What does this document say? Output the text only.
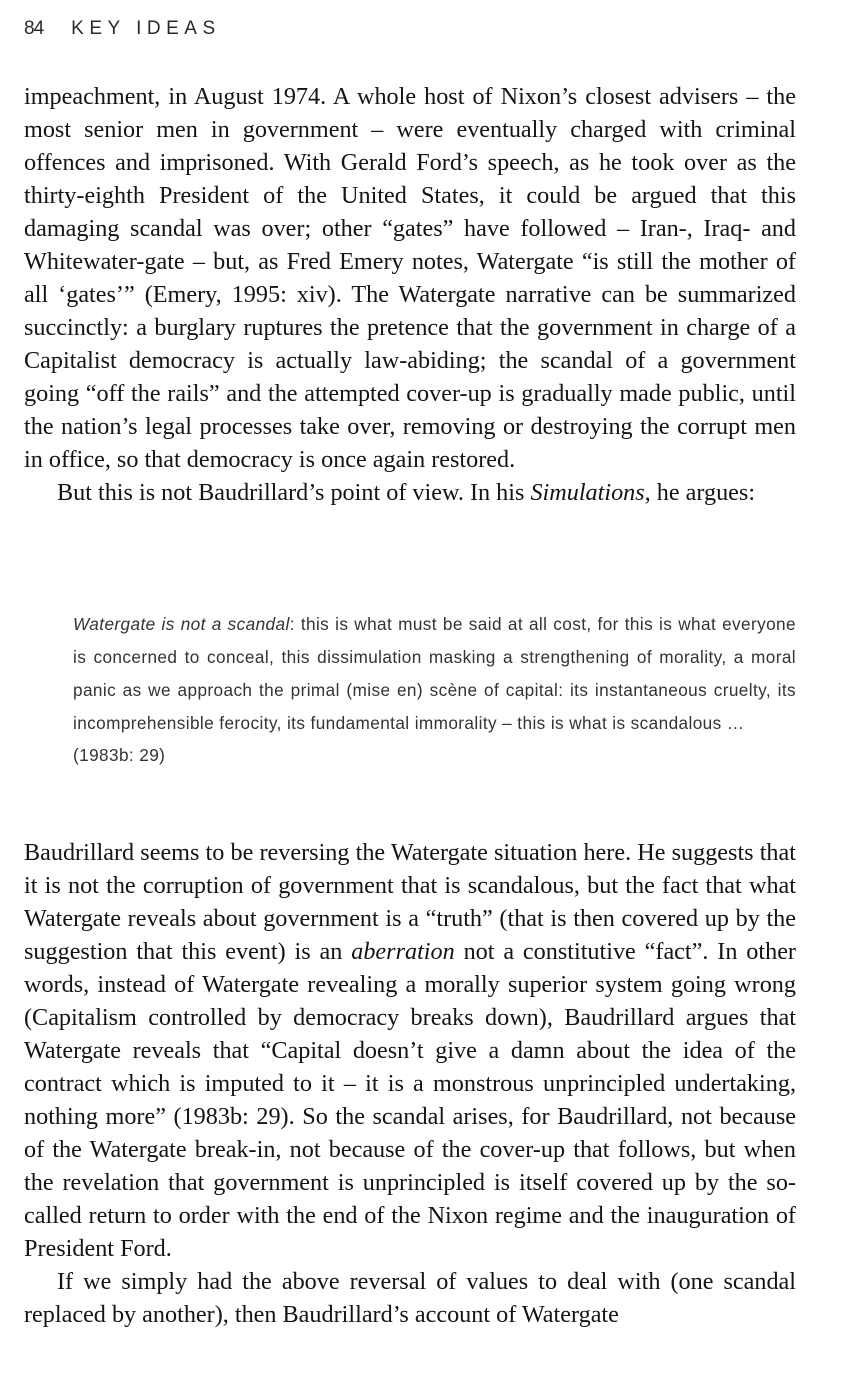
84 KEY IDEAS

impeachment, in August 1974. A whole host of Nixon’s closest advisers – the most senior men in government – were eventually charged with criminal offences and imprisoned. With Gerald Ford’s speech, as he took over as the thirty-eighth President of the United States, it could be argued that this damaging scandal was over; other “gates” have followed – Iran-, Iraq- and Whitewater-gate – but, as Fred Emery notes, Watergate “is still the mother of all ‘gates’” (Emery, 1995: xiv). The Watergate narrative can be summarized succinctly: a burglary ruptures the pretence that the government in charge of a Capitalist democracy is actually law-abiding; the scandal of a government going “off the rails” and the attempted cover-up is gradually made public, until the nation’s legal processes take over, removing or destroying the corrupt men in office, so that democracy is once again restored.

But this is not Baudrillard’s point of view. In his Simulations, he argues:

Watergate is not a scandal: this is what must be said at all cost, for this is what everyone is concerned to conceal, this dissimulation masking a strengthening of morality, a moral panic as we approach the primal (mise en) scène of capital: its instantaneous cruelty, its incomprehensible ferocity, its fundamental immorality – this is what is scandalous …

(1983b: 29)

Baudrillard seems to be reversing the Watergate situation here. He suggests that it is not the corruption of government that is scandalous, but the fact that what Watergate reveals about government is a “truth” (that is then covered up by the suggestion that this event) is an aberration not a constitutive “fact”. In other words, instead of Watergate revealing a morally superior system going wrong (Capitalism controlled by democracy breaks down), Baudrillard argues that Watergate reveals that “Capital doesn’t give a damn about the idea of the contract which is imputed to it – it is a monstrous unprincipled undertaking, nothing more” (1983b: 29). So the scandal arises, for Baudrillard, not because of the Watergate break-in, not because of the cover-up that follows, but when the revelation that government is unprincipled is itself covered up by the so-called return to order with the end of the Nixon regime and the inauguration of President Ford.

If we simply had the above reversal of values to deal with (one scandal replaced by another), then Baudrillard’s account of Watergate
